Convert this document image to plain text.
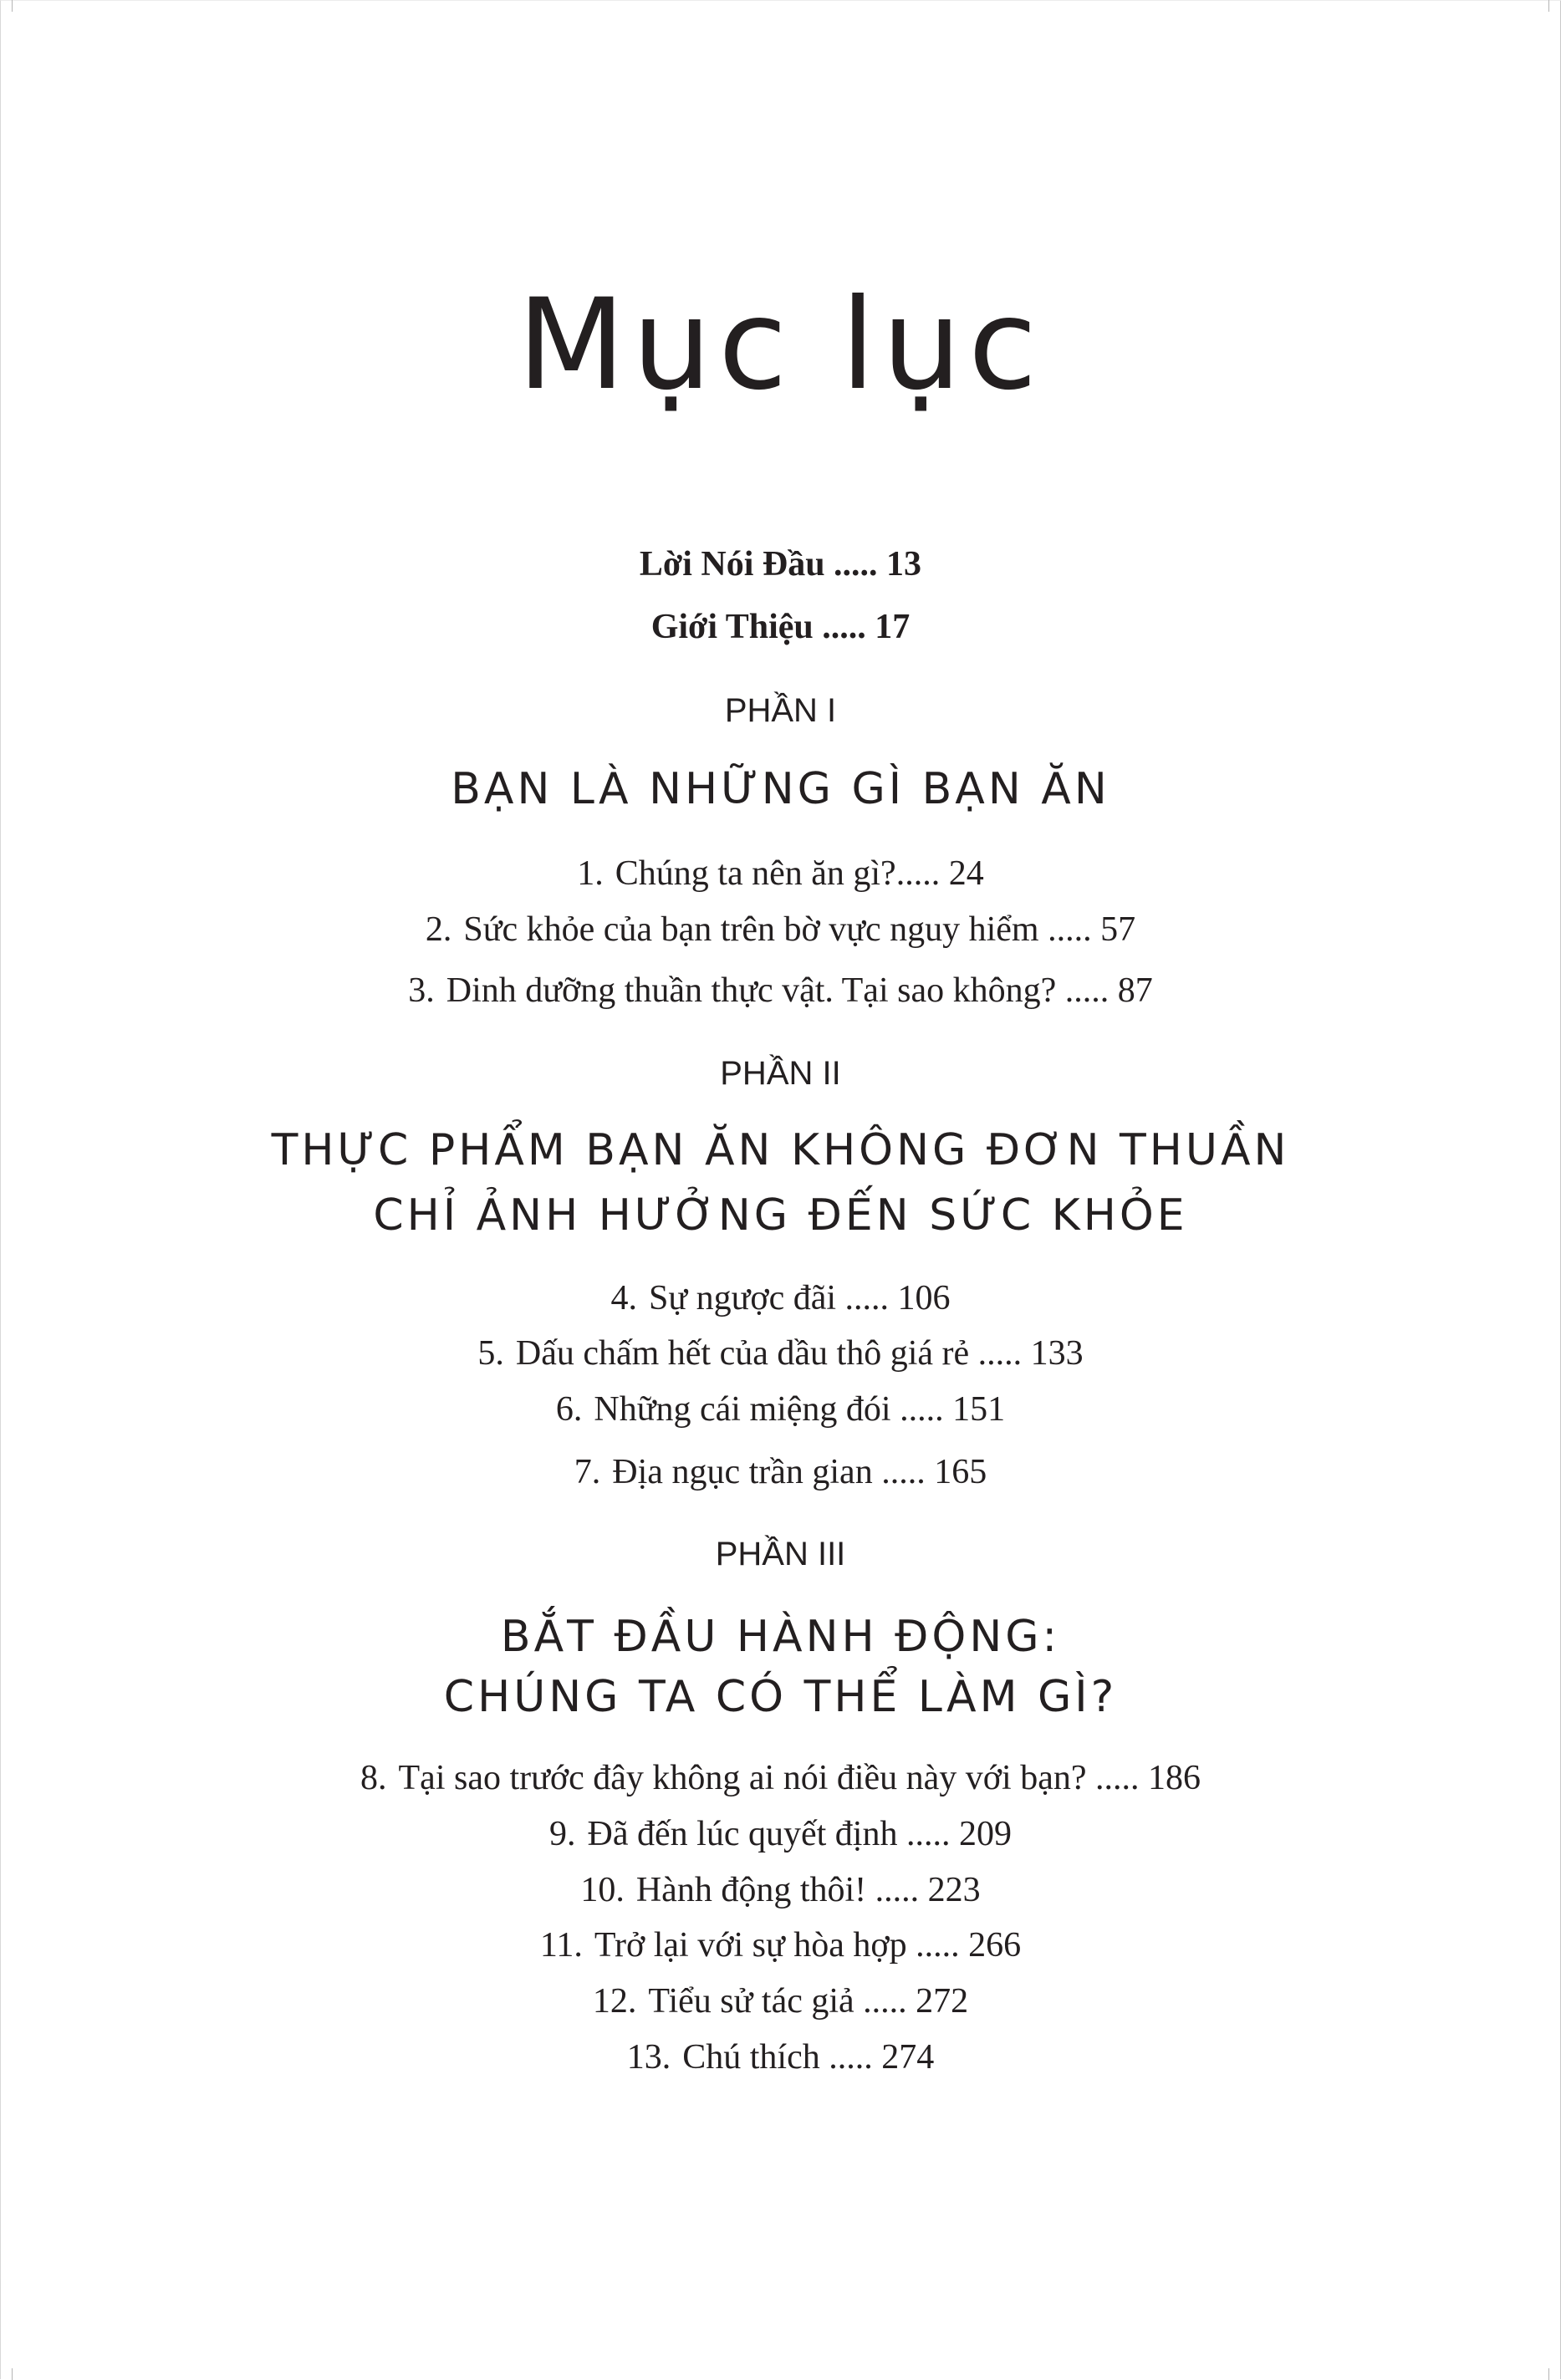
Mục lục
Lời Nói Đầu ..... 13
Giới Thiệu ..... 17
PHẦN I
BẠN LÀ NHỮNG GÌ BẠN ĂN
1. Chúng ta nên ăn gì?..... 24
2. Sức khỏe của bạn trên bờ vực nguy hiểm ..... 57
3. Dinh dưỡng thuần thực vật. Tại sao không? ..... 87
PHẦN II
THỰC PHẨM BẠN ĂN KHÔNG ĐƠN THUẦN
CHỈ ẢNH HƯỞNG ĐẾN SỨC KHỎE
4. Sự ngược đãi ..... 106
5. Dấu chấm hết của dầu thô giá rẻ ..... 133
6. Những cái miệng đói ..... 151
7. Địa ngục trần gian ..... 165
PHẦN III
BẮT ĐẦU HÀNH ĐỘNG:
CHÚNG TA CÓ THỂ LÀM GÌ?
8. Tại sao trước đây không ai nói điều này với bạn? ..... 186
9. Đã đến lúc quyết định ..... 209
10. Hành động thôi! ..... 223
11. Trở lại với sự hòa hợp ..... 266
12. Tiểu sử tác giả ..... 272
13. Chú thích ..... 274
